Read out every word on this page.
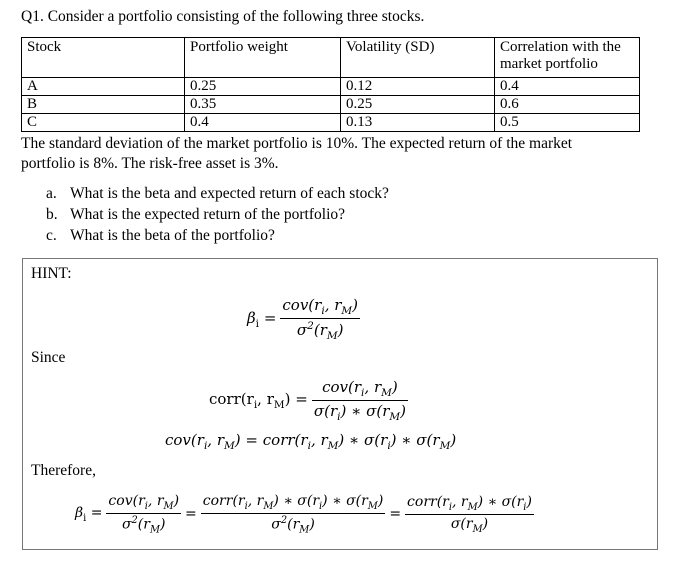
Q1. Consider a portfolio consisting of the following three stocks.
Stock	Portfolio weight	Volatility (SD)	Correlation with the
market portfolio
A	0.25	0.12	0.4
B	0.35	0.25	0.6
C	0.4	0.13	0.5
The standard deviation of the market portfolio is 10%. The expected return of the market
portfolio is 8%. The risk-free asset is 3%.
a. What is the beta and expected return of each stock?
b. What is the expected return of the portfolio?
c. What is the beta of the portfolio?
HINT:
$\beta_i = \frac{cov(r_i, r_M)}{\sigma^2(r_M)}$
Since
$corr(r_i$, $r_M) = \frac{cov(r_i, r_M)}{\sigma(r_i) ∗ \sigma(r_M)}$
$cov(r_i$, $r_M$) = $corr(r_i$, $r_M$) ∗ $\sigma(r_i)$ ∗ $\sigma(r_M)$
Therefore,
$\beta_i = \frac{cov(r_i, r_M)}{\sigma^2(r_M)} = \frac{corr(r_i, r_M) ∗ \sigma(r_i) ∗ \sigma(r_M)}{\sigma^2(r_M)} = \frac{corr(r_i, r_M) ∗ \sigma(r_i)}{\sigma(r_M)}$
